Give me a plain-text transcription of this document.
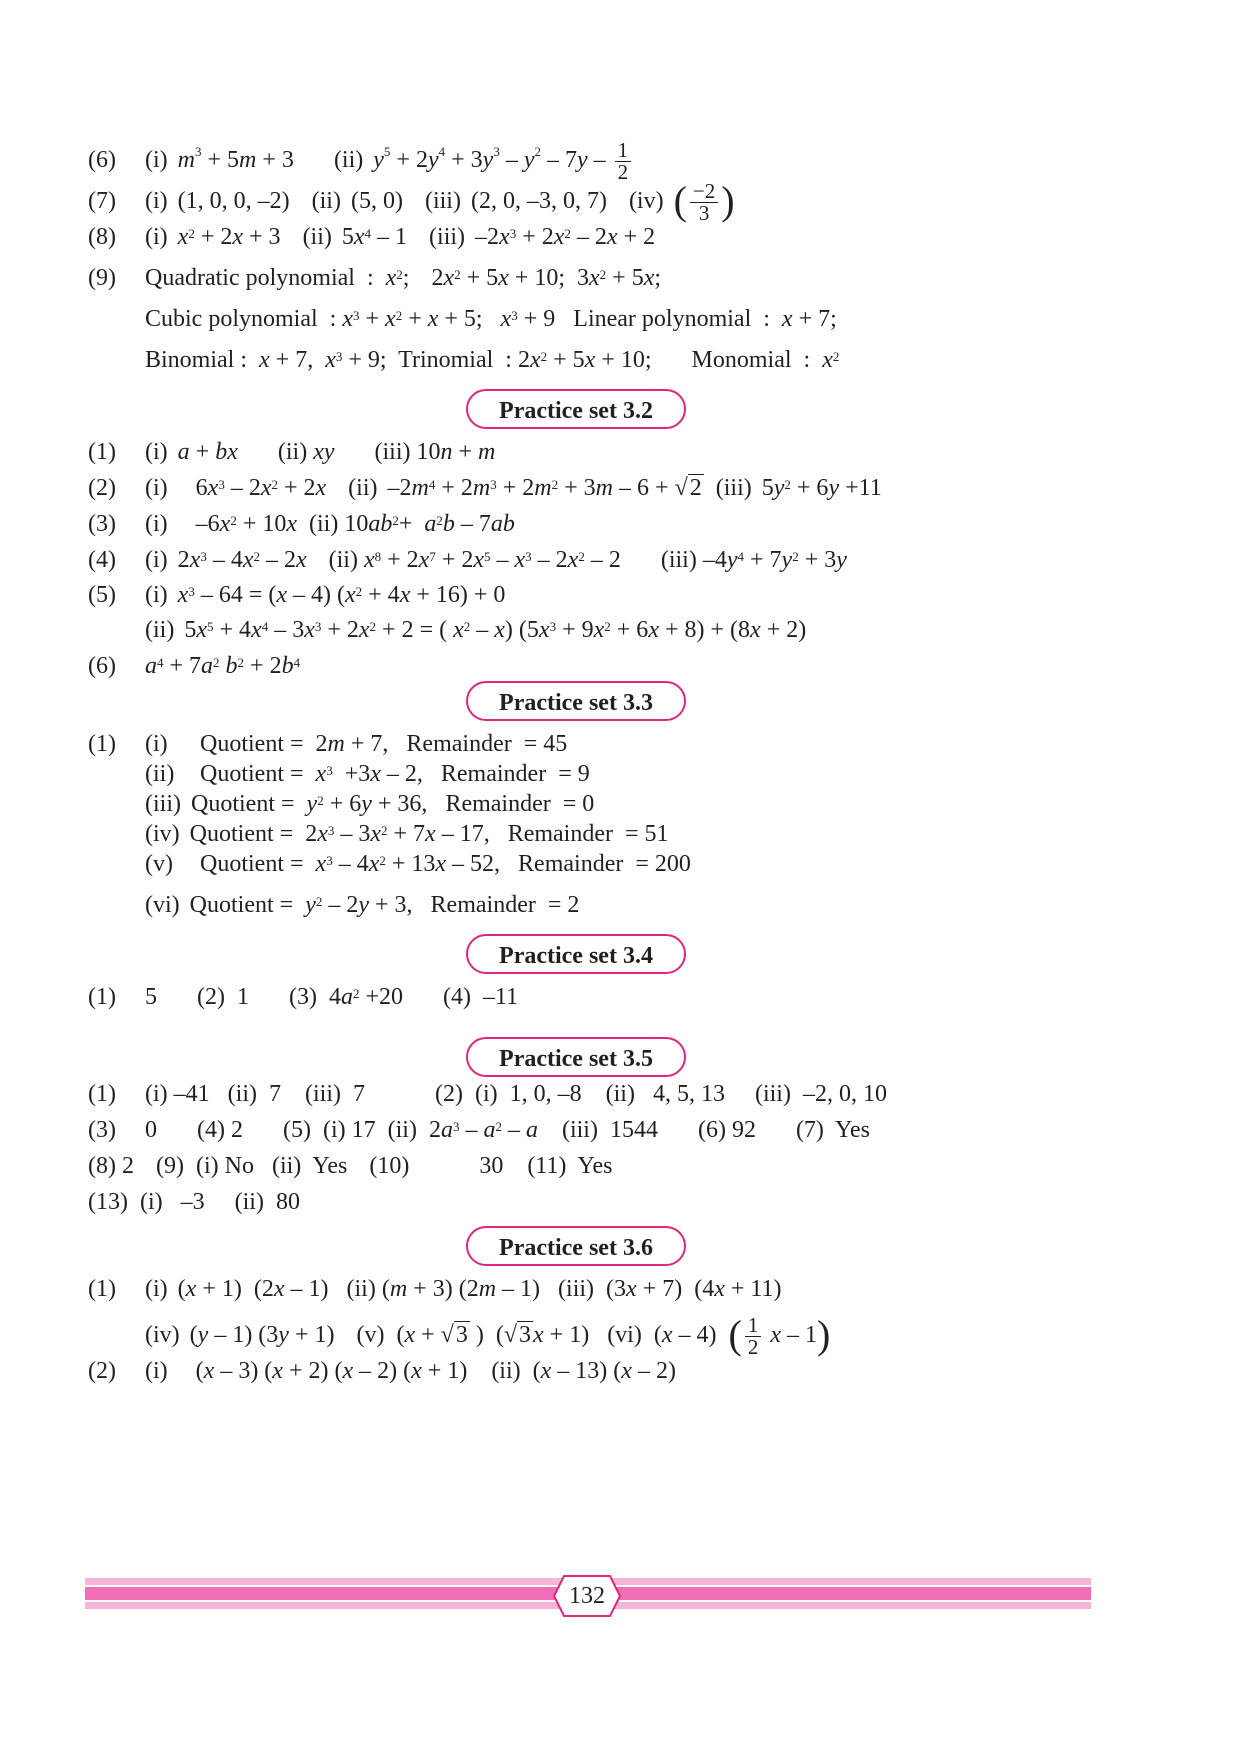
(6) (i) $m^3 + 5m + 3$ (ii) $y^5 + 2y^4 + 3y^3 - y^2 - 7y - \frac{1}{2}$
(7) (i) (1, 0, 0, –2) (ii) (5, 0) (iii) (2, 0, –3, 0, 7) (iv) ( $\frac{-2}{3}$ )
(8) (i) $x^2 + 2x + 3$ (ii) $5x^4 - 1$ (iii) $-2x^3 + 2x^2 - 2x + 2$
(9) Quadratic polynomial  :  $x^2$; $2x^2 + 5x + 10$;  $3x^2 + 5x$;
Cubic polynomial  : $x^3 + x^2 + x + 5$;   $x^3 + 9$   Linear polynomial  :  x + 7;
Binomial :  x + 7,  $x^3 + 9$;  Trinomial  : $2x^2 + 5x + 10$; Monomial  :  $x^2$
Practice set 3.2
(1) (i) a + bx (ii) xy (iii) 10n + m
(2) (i)   $6x^3 - 2x^2 + 2x$ (ii) $-2m^4 + 2m^3 + 2m^2 + 3m - 6 + √2$ (iii) $5y^2 + 6y +11$
(3) (i)   $-6x^2 + 10x$ (ii) $10ab^2+ a^2b - 7ab$
(4) (i) $2x^3 - 4x^2 - 2x$ (ii) $x^8 + 2x^7 + 2x^5 - x^3 - 2x^2 - 2$ (iii) $-4y^4 + 7y^2 + 3y$
(5) (i) $x^3 - 64 = (x - 4) (x^2 + 4x + 16) + 0$
(ii) $5x^5 + 4x^4 - 3x^3 + 2x^2 + 2$ = ( $x^2 - x$) $(5x^3 + 9x^2 + 6x + 8) + (8x + 2)$
(6) $a^4 + 7a^2$ $b^2 + 2b^4$
Practice set 3.3
(1) (i) Quotient =  2m + 7,   Remainder  = 45
(ii) Quotient = $x^3 +3x - 2$,   Remainder  = 9
(iii) Quotient = $y^2 + 6y + 36$,   Remainder  = 0
(iv) Quotient =  $2x^3 - 3x^2 + 7x - 17$,   Remainder  = 51
(v) Quotient = $x^3 - 4x^2 + 13x - 52$,   Remainder  = 200
(vi) Quotient = $y^2 - 2y + 3$,   Remainder  = 2
Practice set 3.4
(1) 5 (2)  1 (3)  $4a^2 +20$ (4)  –11
Practice set 3.5
(1) (i) –41   (ii)  7    (iii)  7	(2)  (i)  1, 0, –8    (ii)   4, 5, 13     (iii)  –2, 0, 10
(3) 0 (4) 2 (5)  (i) 17  (ii)  $2a^3 - a^2$ – a (iii)  1544 (6) 92 (7)  Yes
(8) 2 (9)  (i) No (ii) Yes (10)	30    (11)  Yes
(13) (i)   –3     (ii)  80
Practice set 3.6
(1) (i) (x + 1)  (2x – 1)   (ii) (m + 3) (2m – 1)   (iii)  (3x + 7)  (4x + 11)
(iv) (y – 1) (3y + 1) (v)  (x + √3 )  (√3x + 1)   (vi)  (x – 4)  ( $\frac{1}{2}$ x – 1)
(2) (i)   (x – 3) (x + 2) (x – 2) (x + 1)    (ii)  (x – 13) (x – 2)
132
